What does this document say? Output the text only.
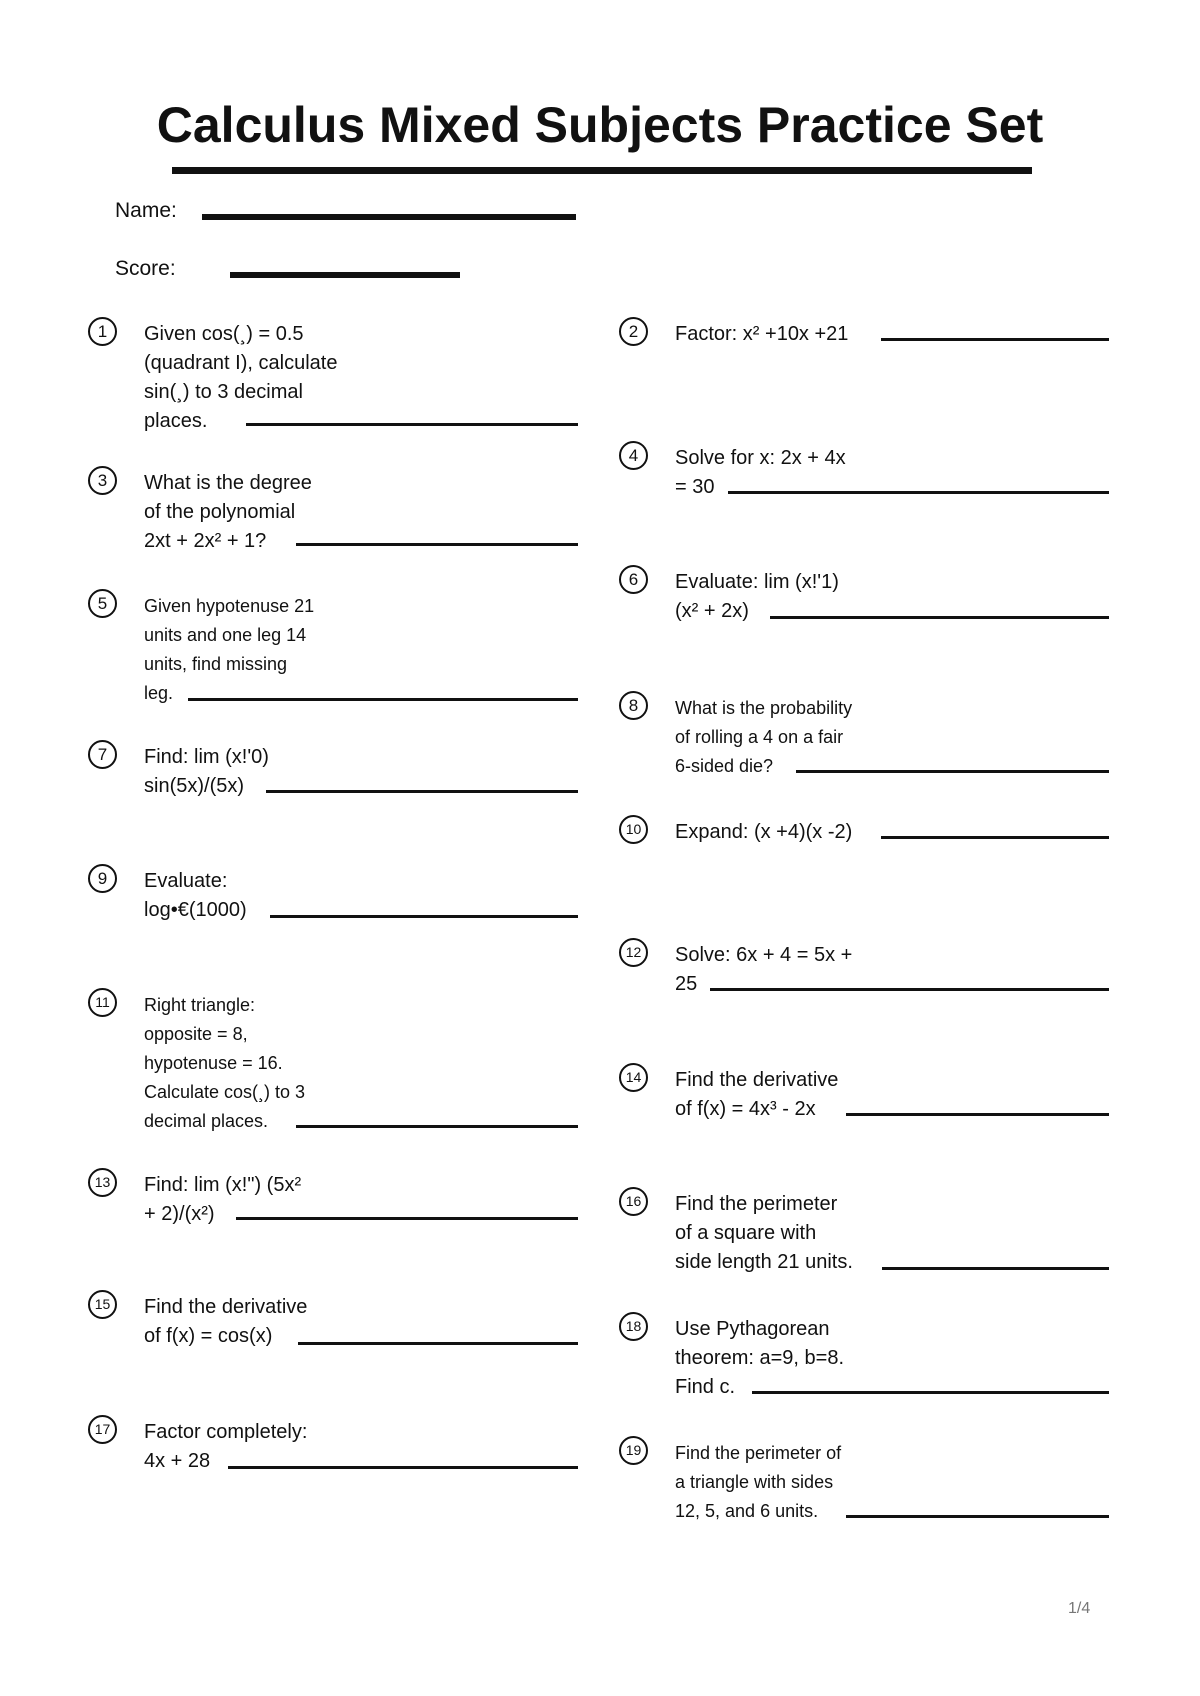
Calculus Mixed Subjects Practice Set
Name:
Score:
1	Given cos(¸) = 0.5
(quadrant I), calculate
sin(¸) to 3 decimal
places.
3	What is the degree
of the polynomial
2xt + 2x² + 1?
5	Given hypotenuse 21
units and one leg 14
units, find missing
leg.
7	Find: lim (x!'0)
sin(5x)/(5x)
9	Evaluate:
log•€(1000)
11	Right triangle:
opposite = 8,
hypotenuse = 16.
Calculate cos(¸) to 3
decimal places.
13	Find: lim (x!") (5x²
+ 2)/(x²)
15	Find the derivative
of f(x) = cos(x)
17	Factor completely:
4x + 28
2	Factor: x² +10x +21
4	Solve for x: 2x + 4x
= 30
6	Evaluate: lim (x!'1)
(x² + 2x)
8	What is the probability
of rolling a 4 on a fair
6-sided die?
10	Expand: (x +4)(x -2)
12	Solve: 6x + 4 = 5x +
25
14	Find the derivative
of f(x) = 4x³ - 2x
16	Find the perimeter
of a square with
side length 21 units.
18	Use Pythagorean
theorem: a=9, b=8.
Find c.
19	Find the perimeter of
a triangle with sides
12, 5, and 6 units.
1/4
